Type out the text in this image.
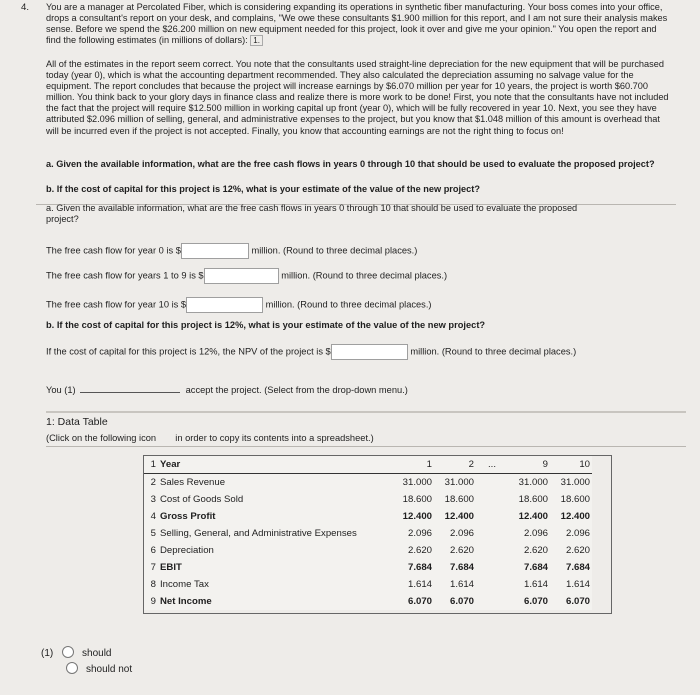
4. You are a manager at Percolated Fiber, which is considering expanding its operations in synthetic fiber manufacturing. Your boss comes into your office, drops a consultant's report on your desk, and complains, "We owe these consultants $1.900 million for this report, and I am not sure their analysis makes sense. Before we spend the $26.200 million on new equipment needed for this project, look it over and give me your opinion." You open the report and find the following estimates (in millions of dollars): 1.

All of the estimates in the report seem correct. You note that the consultants used straight-line depreciation for the new equipment that will be purchased today (year 0), which is what the accounting department recommended. They also calculated the depreciation assuming no salvage value for the equipment. The report concludes that because the project will increase earnings by $6.070 million per year for 10 years, the project is worth $60.700 million. You think back to your glory days in finance class and realize there is more work to be done! First, you note that the consultants have not included the fact that the project will require $12.500 million in working capital up front (year 0), which will be fully recovered in year 10. Next, you see they have attributed $2.096 million of selling, general, and administrative expenses to the project, but you know that $1.048 million of this amount is overhead that will be incurred even if the project is not accepted. Finally, you know that accounting earnings are not the right thing to focus on!

a. Given the available information, what are the free cash flows in years 0 through 10 that should be used to evaluate the proposed project?

b. If the cost of capital for this project is 12%, what is your estimate of the value of the new project?

a. Given the available information, what are the free cash flows in years 0 through 10 that should be used to evaluate the proposed project?

The free cash flow for year 0 is $	million. (Round to three decimal places.)
The free cash flow for years 1 to 9 is $	million. (Round to three decimal places.)
The free cash flow for year 10 is $	million. (Round to three decimal places.)
b. If the cost of capital for this project is 12%, what is your estimate of the value of the new project?
If the cost of capital for this project is 12%, the NPV of the project is $	million. (Round to three decimal places.)
You (1)	accept the project. (Select from the drop-down menu.)
1: Data Table
(Click on the following icon in order to copy its contents into a spreadsheet.)
1	Year	1	2	...	9	10
2	Sales Revenue	31.000	31.000		31.000	31.000
3	Cost of Goods Sold	18.600	18.600		18.600	18.600
4	Gross Profit	12.400	12.400		12.400	12.400
5	Selling, General, and Administrative Expenses	2.096	2.096		2.096	2.096
6	Depreciation	2.620	2.620		2.620	2.620
7	EBIT	7.684	7.684		7.684	7.684
8	Income Tax	1.614	1.614		1.614	1.614
9	Net Income	6.070	6.070		6.070	6.070
(1)	should
should not
